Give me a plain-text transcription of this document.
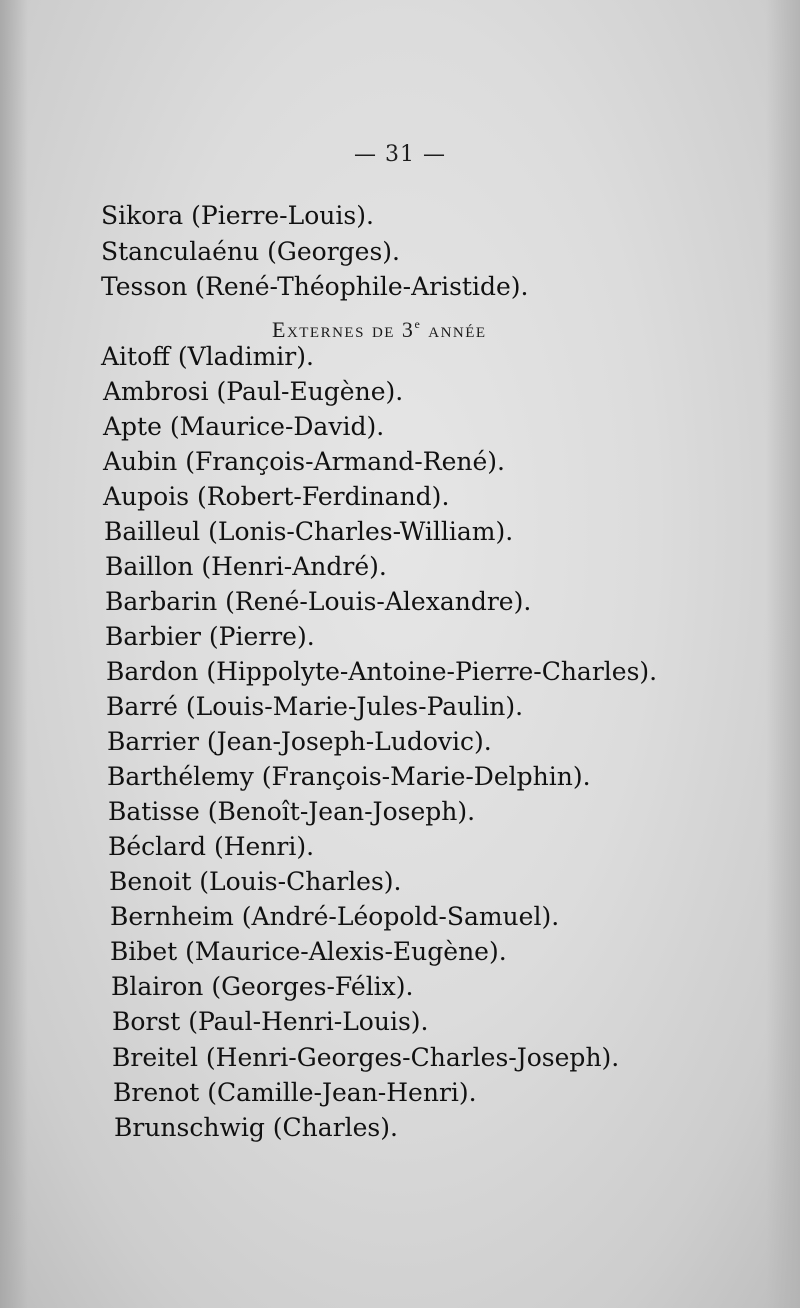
— 31 —
Sikora (Pierre-Louis).
Stanculaénu (Georges).
Tesson (René-Théophile-Aristide).
Externes de 3e année
Aitoff (Vladimir).
Ambrosi (Paul-Eugène).
Apte (Maurice-David).
Aubin (François-Armand-René).
Aupois (Robert-Ferdinand).
Bailleul (Lonis-Charles-William).
Baillon (Henri-André).
Barbarin (René-Louis-Alexandre).
Barbier (Pierre).
Bardon (Hippolyte-Antoine-Pierre-Charles).
Barré (Louis-Marie-Jules-Paulin).
Barrier (Jean-Joseph-Ludovic).
Barthélemy (François-Marie-Delphin).
Batisse (Benoît-Jean-Joseph).
Béclard (Henri).
Benoit (Louis-Charles).
Bernheim (André-Léopold-Samuel).
Bibet (Maurice-Alexis-Eugène).
Blairon (Georges-Félix).
Borst (Paul-Henri-Louis).
Breitel (Henri-Georges-Charles-Joseph).
Brenot (Camille-Jean-Henri).
Brunschwig (Charles).
